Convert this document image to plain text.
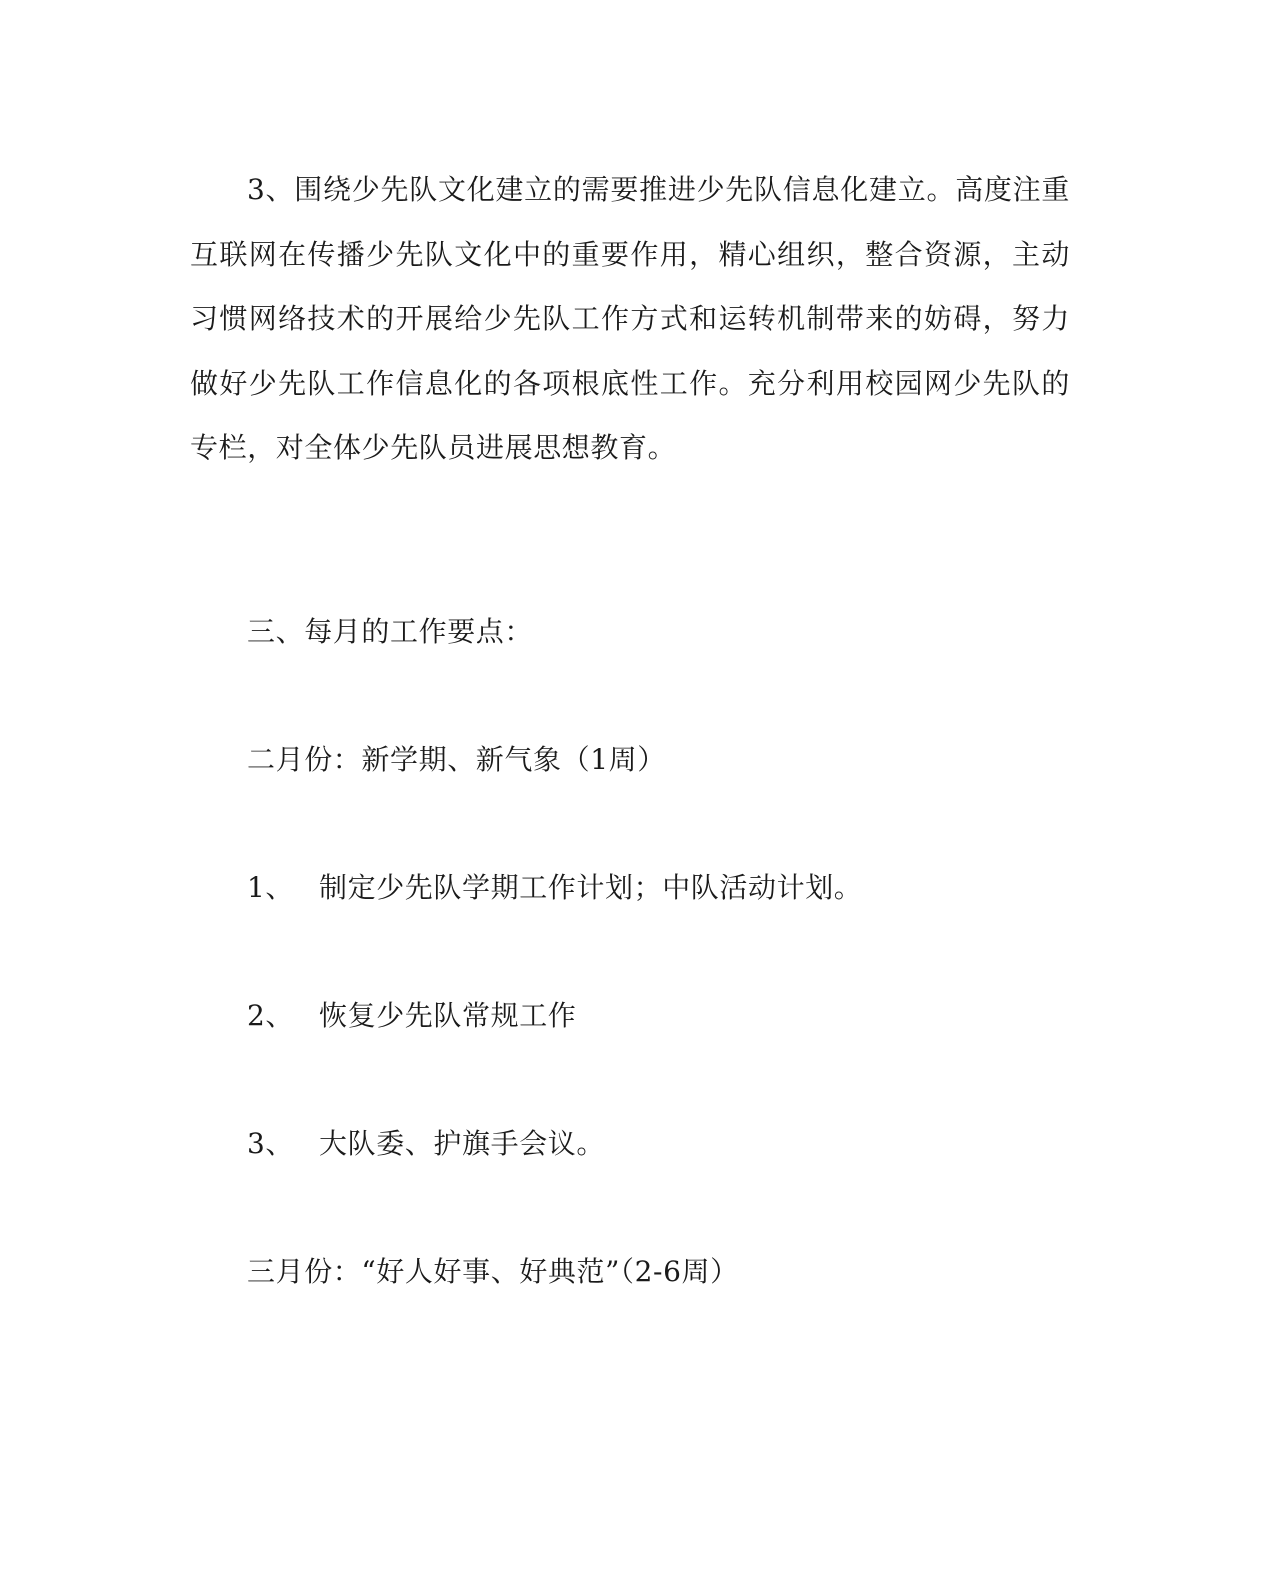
3、围绕少先队文化建立的需要推进少先队信息化建立。高度注重互联网在传播少先队文化中的重要作用，精心组织，整合资源，主动习惯网络技术的开展给少先队工作方式和运转机制带来的妨碍，努力做好少先队工作信息化的各项根底性工作。充分利用校园网少先队的专栏，对全体少先队员进展思想教育。

三、每月的工作要点：

二月份：新学期、新气象（1周）

1、 制定少先队学期工作计划；中队活动计划。

2、 恢复少先队常规工作

3、 大队委、护旗手会议。

三月份：“好人好事、好典范”（2-6周）
